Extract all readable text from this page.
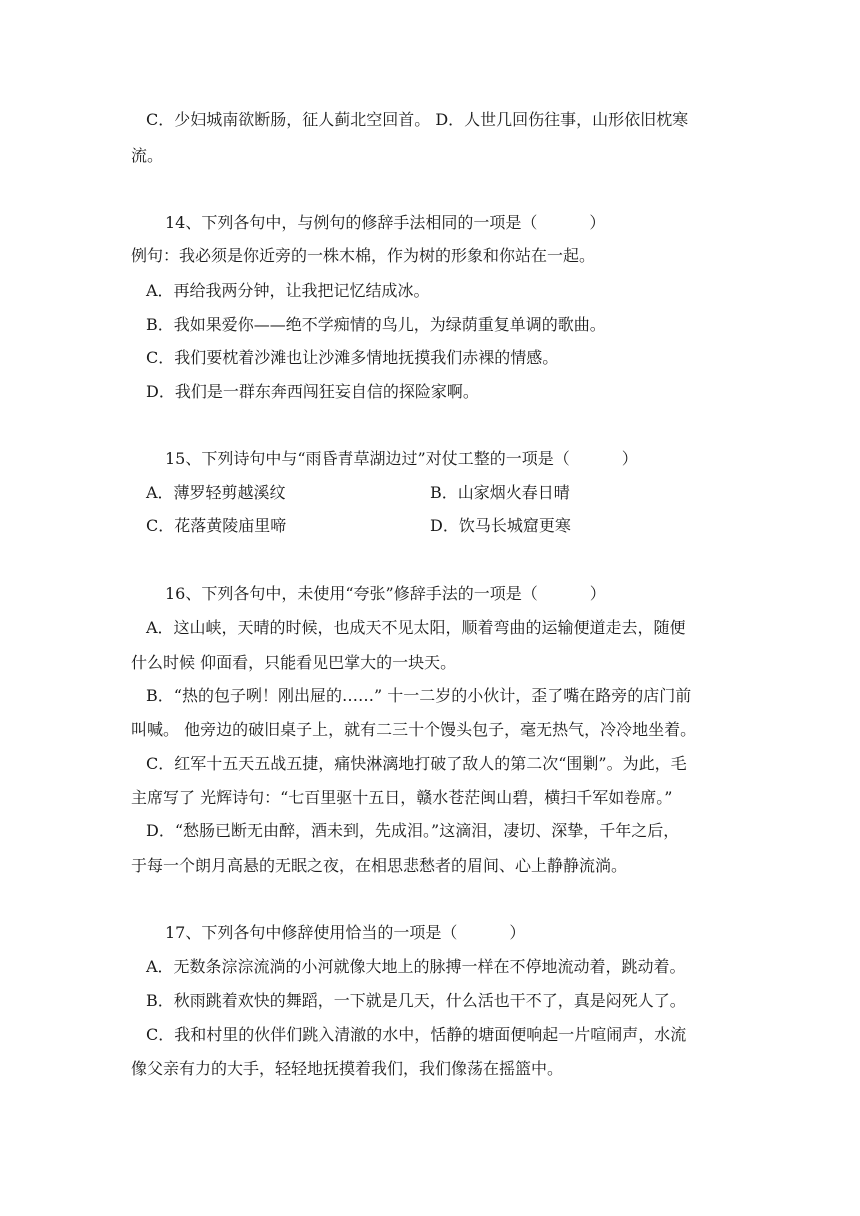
C．少妇城南欲断肠，征人蓟北空回首。 D．人世几回伤往事，山形依旧枕寒
流。
14、下列各句中，与例句的修辞手法相同的一项是（	）
例句：我必须是你近旁的一株木棉，作为树的形象和你站在一起。
A．再给我两分钟，让我把记忆结成冰。
B．我如果爱你——绝不学痴情的鸟儿，为绿荫重复单调的歌曲。
C．我们要枕着沙滩也让沙滩多情地抚摸我们赤裸的情感。
D．我们是一群东奔西闯狂妄自信的探险家啊。
15、下列诗句中与“雨昏青草湖边过”对仗工整的一项是（	）
A．薄罗轻剪越溪纹	B．山家烟火春日晴
C．花落黄陵庙里啼	D．饮马长城窟更寒
16、下列各句中，未使用“夸张”修辞手法的一项是（	）
A．这山峡，天晴的时候，也成天不见太阳，顺着弯曲的运输便道走去，随便
什么时候 仰面看，只能看见巴掌大的一块天。
B．“热的包子咧！刚出屉的……” 十一二岁的小伙计，歪了嘴在路旁的店门前
叫喊。 他旁边的破旧桌子上，就有二三十个馒头包子，毫无热气，冷冷地坐着。
C．红军十五天五战五捷，痛快淋漓地打破了敌人的第二次“围剿”。为此，毛
主席写了 光辉诗句：“七百里驱十五日，赣水苍茫闽山碧，横扫千军如卷席。”
D．“愁肠已断无由醉，酒未到，先成泪。”这滴泪，凄切、深挚，千年之后，
于每一个朗月高悬的无眠之夜，在相思悲愁者的眉间、心上静静流淌。
17、下列各句中修辞使用恰当的一项是（	）
A．无数条淙淙流淌的小河就像大地上的脉搏一样在不停地流动着，跳动着。
B．秋雨跳着欢快的舞蹈，一下就是几天，什么活也干不了，真是闷死人了。
C．我和村里的伙伴们跳入清澈的水中，恬静的塘面便响起一片喧闹声，水流
像父亲有力的大手，轻轻地抚摸着我们，我们像荡在摇篮中。
